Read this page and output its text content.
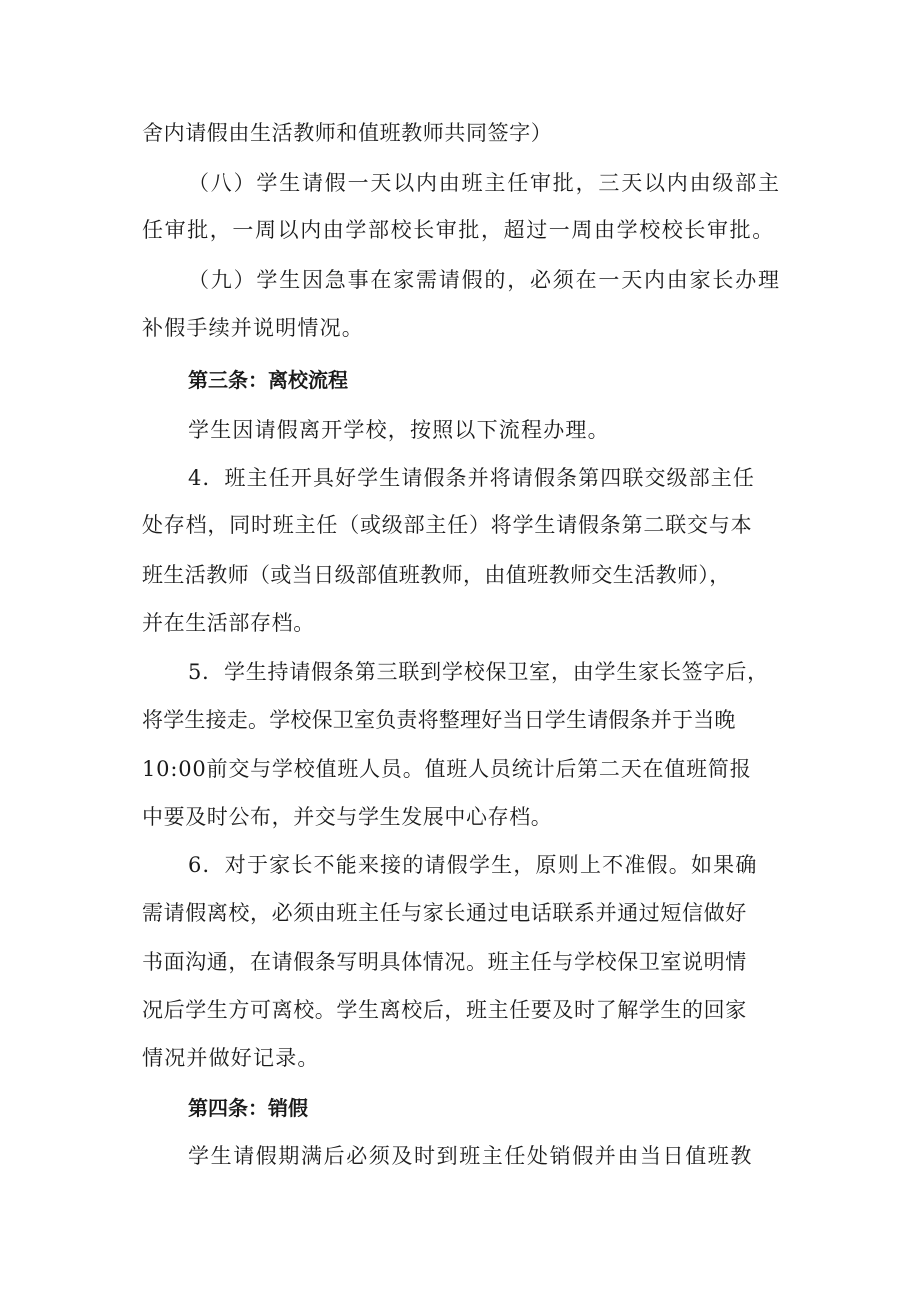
舍内请假由生活教师和值班教师共同签字）
（八）学生请假一天以内由班主任审批，三天以内由级部主
任审批，一周以内由学部校长审批，超过一周由学校校长审批。
（九）学生因急事在家需请假的，必须在一天内由家长办理
补假手续并说明情况。
第三条：离校流程
学生因请假离开学校，按照以下流程办理。
4．班主任开具好学生请假条并将请假条第四联交级部主任
处存档，同时班主任（或级部主任）将学生请假条第二联交与本
班生活教师（或当日级部值班教师，由值班教师交生活教师），
并在生活部存档。
5．学生持请假条第三联到学校保卫室，由学生家长签字后，
将学生接走。学校保卫室负责将整理好当日学生请假条并于当晚
10:00前交与学校值班人员。值班人员统计后第二天在值班简报
中要及时公布，并交与学生发展中心存档。
6．对于家长不能来接的请假学生，原则上不准假。如果确
需请假离校，必须由班主任与家长通过电话联系并通过短信做好
书面沟通，在请假条写明具体情况。班主任与学校保卫室说明情
况后学生方可离校。学生离校后，班主任要及时了解学生的回家
情况并做好记录。
第四条：销假
学生请假期满后必须及时到班主任处销假并由当日值班教
